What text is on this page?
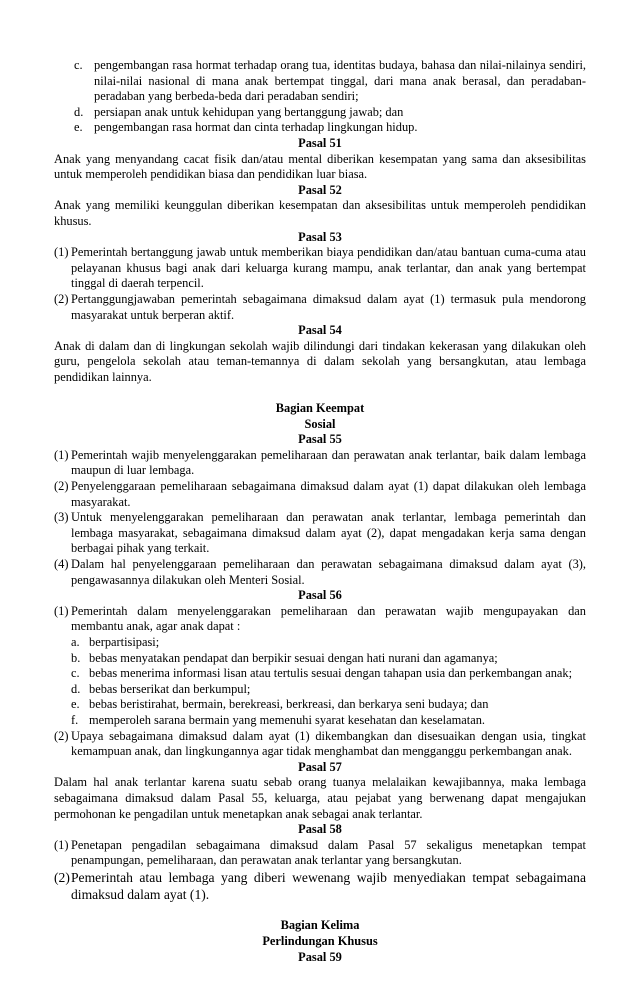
c. pengembangan rasa hormat terhadap orang tua, identitas budaya, bahasa dan nilai-nilainya sendiri, nilai-nilai nasional di mana anak bertempat tinggal, dari mana anak berasal, dan peradaban-peradaban yang berbeda-beda dari peradaban sendiri;
d. persiapan anak untuk kehidupan yang bertanggung jawab; dan
e. pengembangan rasa hormat dan cinta terhadap lingkungan hidup.
Pasal 51
Anak yang menyandang cacat fisik dan/atau mental diberikan kesempatan yang sama dan aksesibilitas untuk memperoleh pendidikan biasa dan pendidikan luar biasa.
Pasal 52
Anak yang memiliki keunggulan diberikan kesempatan dan aksesibilitas untuk memperoleh pendidikan khusus.
Pasal 53
(1) Pemerintah bertanggung jawab untuk memberikan biaya pendidikan dan/atau bantuan cuma-cuma atau pelayanan khusus bagi anak dari keluarga kurang mampu, anak terlantar, dan anak yang bertempat tinggal di daerah terpencil.
(2) Pertanggungjawaban pemerintah sebagaimana dimaksud dalam ayat (1) termasuk pula mendorong masyarakat untuk berperan aktif.
Pasal 54
Anak di dalam dan di lingkungan sekolah wajib dilindungi dari tindakan kekerasan yang dilakukan oleh guru, pengelola sekolah atau teman-temannya di dalam sekolah yang bersangkutan, atau lembaga pendidikan lainnya.
Bagian Keempat
Sosial
Pasal 55
(1) Pemerintah wajib menyelenggarakan pemeliharaan dan perawatan anak terlantar, baik dalam lembaga maupun di luar lembaga.
(2) Penyelenggaraan pemeliharaan sebagaimana dimaksud dalam ayat (1) dapat dilakukan oleh lembaga masyarakat.
(3) Untuk menyelenggarakan pemeliharaan dan perawatan anak terlantar, lembaga pemerintah dan lembaga masyarakat, sebagaimana dimaksud dalam ayat (2), dapat mengadakan kerja sama dengan berbagai pihak yang terkait.
(4) Dalam hal penyelenggaraan pemeliharaan dan perawatan sebagaimana dimaksud dalam ayat (3), pengawasannya dilakukan oleh Menteri Sosial.
Pasal 56
(1) Pemerintah dalam menyelenggarakan pemeliharaan dan perawatan wajib mengupayakan dan membantu anak, agar anak dapat :
a. berpartisipasi;
b. bebas menyatakan pendapat dan berpikir sesuai dengan hati nurani dan agamanya;
c. bebas menerima informasi lisan atau tertulis sesuai dengan tahapan usia dan perkembangan anak;
d. bebas berserikat dan berkumpul;
e. bebas beristirahat, bermain, berekreasi, berkreasi, dan berkarya seni budaya; dan
f. memperoleh sarana bermain yang memenuhi syarat kesehatan dan keselamatan.
(2) Upaya sebagaimana dimaksud dalam ayat (1) dikembangkan dan disesuaikan dengan usia, tingkat kemampuan anak, dan lingkungannya agar tidak menghambat dan mengganggu perkembangan anak.
Pasal 57
Dalam hal anak terlantar karena suatu sebab orang tuanya melalaikan kewajibannya, maka lembaga sebagaimana dimaksud dalam Pasal 55, keluarga, atau pejabat yang berwenang dapat mengajukan permohonan ke pengadilan untuk menetapkan anak sebagai anak terlantar.
Pasal 58
(1) Penetapan pengadilan sebagaimana dimaksud dalam Pasal 57 sekaligus menetapkan tempat penampungan, pemeliharaan, dan perawatan anak terlantar yang bersangkutan.
(2) Pemerintah atau lembaga yang diberi wewenang wajib menyediakan tempat sebagaimana dimaksud dalam ayat (1).
Bagian Kelima
Perlindungan Khusus
Pasal 59
